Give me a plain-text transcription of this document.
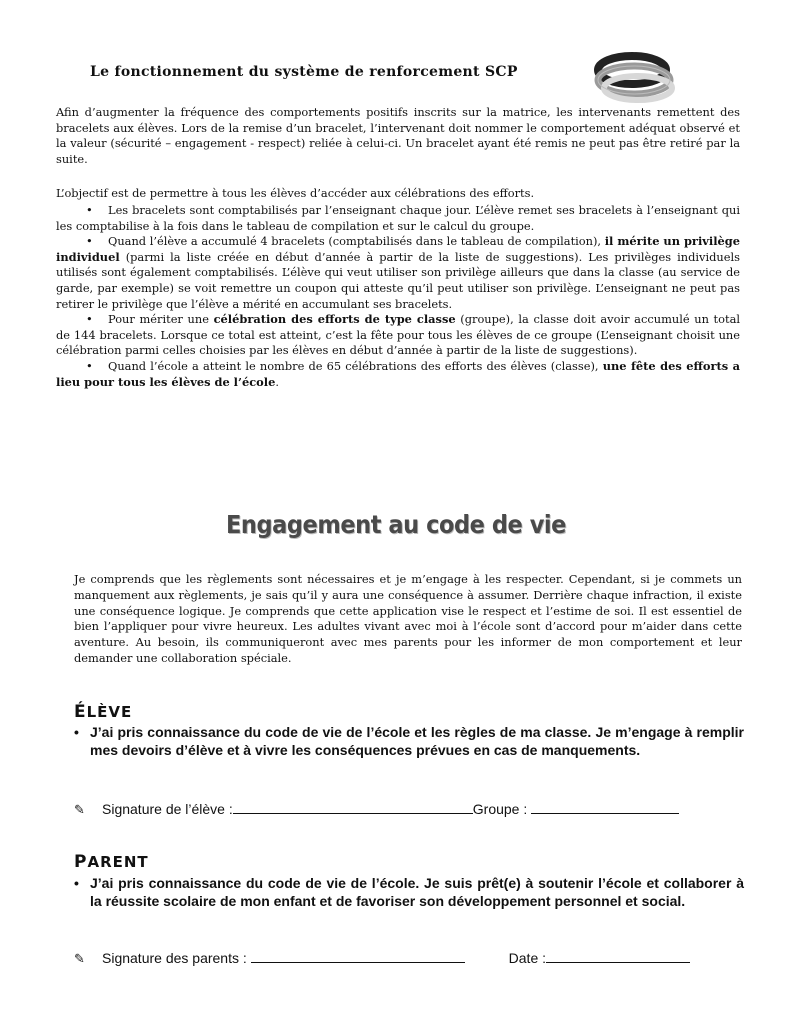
Le fonctionnement du système de renforcement SCP
Afin d’augmenter la fréquence des comportements positifs inscrits sur la matrice, les intervenants remettent des bracelets aux élèves. Lors de la remise d’un bracelet, l’intervenant doit nommer le comportement adéquat observé et la valeur (sécurité – engagement - respect) reliée à celui-ci. Un bracelet ayant été remis ne peut pas être retiré par la suite.
L’objectif est de permettre à tous les élèves d’accéder aux célébrations des efforts.

• Les bracelets sont comptabilisés par l’enseignant chaque jour. L’élève remet ses bracelets à l’enseignant qui les comptabilise à la fois dans le tableau de compilation et sur le calcul du groupe.

• Quand l’élève a accumulé 4 bracelets (comptabilisés dans le tableau de compilation), il mérite un privilège individuel (parmi la liste créée en début d’année à partir de la liste de suggestions). Les privilèges individuels utilisés sont également comptabilisés. L’élève qui veut utiliser son privilège ailleurs que dans la classe (au service de garde, par exemple) se voit remettre un coupon qui atteste qu’il peut utiliser son privilège. L’enseignant ne peut pas retirer le privilège que l’élève a mérité en accumulant ses bracelets.

• Pour mériter une célébration des efforts de type classe (groupe), la classe doit avoir accumulé un total de 144 bracelets. Lorsque ce total est atteint, c’est la fête pour tous les élèves de ce groupe (L’enseignant choisit une célébration parmi celles choisies par les élèves en début d’année à partir de la liste de suggestions).

• Quand l’école a atteint le nombre de 65 célébrations des efforts des élèves (classe), une fête des efforts a lieu pour tous les élèves de l’école.

Engagement au code de vie
Je comprends que les règlements sont nécessaires et je m’engage à les respecter. Cependant, si je commets un manquement aux règlements, je sais qu’il y aura une conséquence à assumer. Derrière chaque infraction, il existe une conséquence logique. Je comprends que cette application vise le respect et l’estime de soi. Il est essentiel de bien l’appliquer pour vivre heureux. Les adultes vivant avec moi à l’école sont d’accord pour m’aider dans cette aventure. Au besoin, ils communiqueront avec mes parents pour les informer de mon comportement et leur demander une collaboration spéciale.
ÉLÈVE
• J’ai pris connaissance du code de vie de l’école et les règles de ma classe. Je m’engage à remplir mes devoirs d’élève et à vivre les conséquences prévues en cas de manquements.
✎ Signature de l’élève :	Groupe :
PARENT
• J’ai pris connaissance du code de vie de l’école. Je suis prêt(e) à soutenir l’école et collaborer à la réussite scolaire de mon enfant et de favoriser son développement personnel et social.
✎ Signature des parents :	Date :
